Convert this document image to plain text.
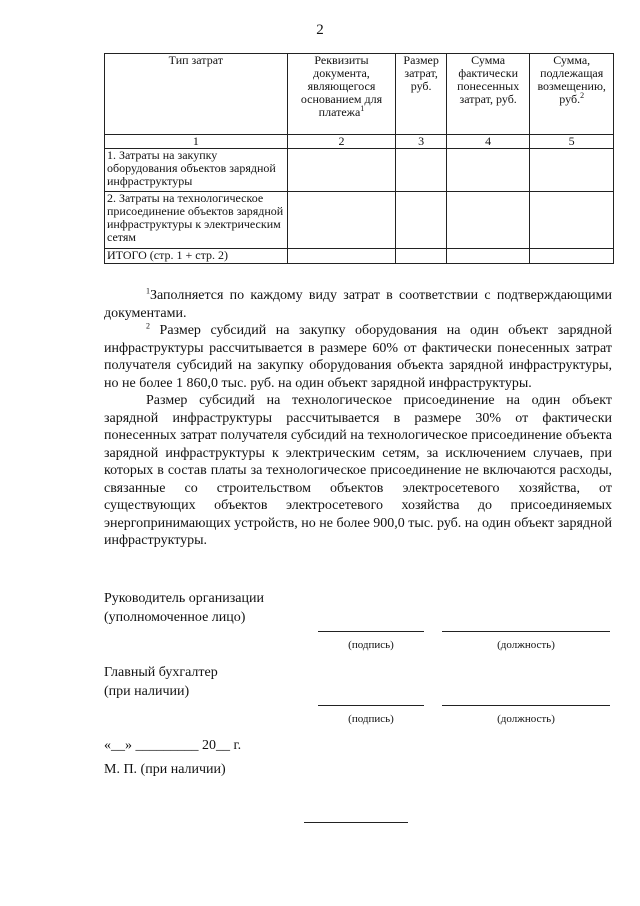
2
Тип затрат	Реквизиты документа, являющегося основанием для платежа$^1$	Размер затрат, руб.	Сумма фактически понесенных затрат, руб.	Сумма, подлежащая возмещению, руб.$^2$
1	2	3	4	5
1. Затраты на закупку оборудования объектов зарядной инфраструктуры				
2. Затраты на технологическое присоединение объектов зарядной инфраструктуры к электрическим сетям				
ИТОГО (стр. 1 + стр. 2)				

$^1$Заполняется по каждому виду затрат в соответствии с подтверждающими документами.

$^2$ Размер субсидий на закупку оборудования на один объект зарядной инфраструктуры рассчитывается в размере 60% от фактически понесенных затрат получателя субсидий на закупку оборудования объекта зарядной инфраструктуры, но не более 1 860,0 тыс. руб. на один объект зарядной инфраструктуры.

Размер субсидий на технологическое присоединение на один объект зарядной инфраструктуры рассчитывается в размере 30% от фактически понесенных затрат получателя субсидий на технологическое присоединение объекта зарядной инфраструктуры к электрическим сетям, за исключением случаев, при которых в состав платы за технологическое присоединение не включаются расходы, связанные со строительством объектов электросетевого хозяйства, от существующих объектов электросетевого хозяйства до присоединяемых энергопринимающих устройств, но не более 900,0 тыс. руб. на один объект зарядной инфраструктуры.

Руководитель организации
(уполномоченное лицо)
(подпись)	(должность)
Главный бухгалтер
(при наличии)
(подпись)	(должность)
«__» _________ 20__ г.
М. П. (при наличии)
